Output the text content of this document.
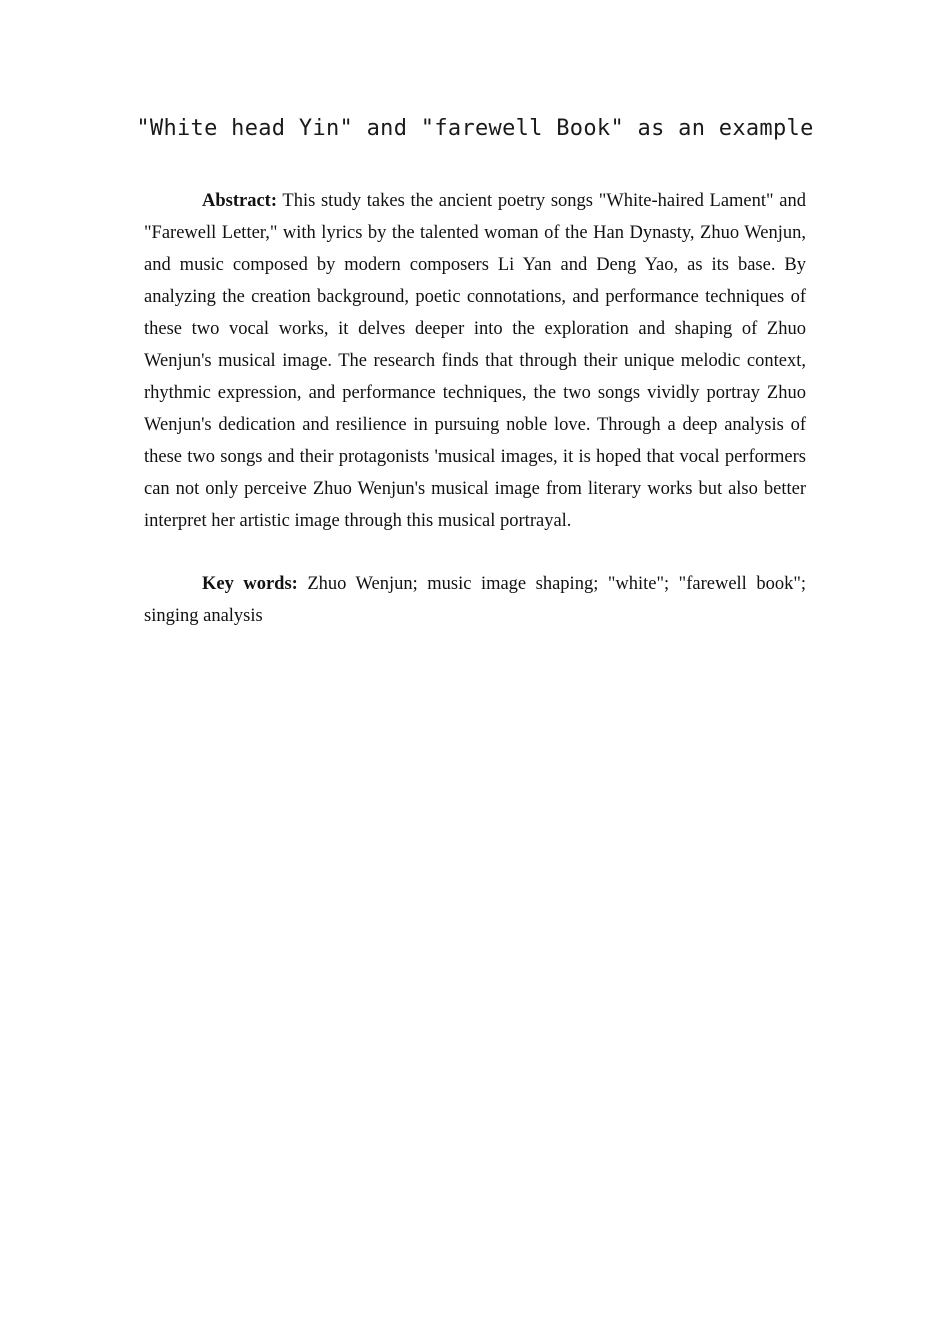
"White head Yin" and "farewell Book" as an example

Abstract: This study takes the ancient poetry songs "White-haired Lament" and "Farewell Letter," with lyrics by the talented woman of the Han Dynasty, Zhuo Wenjun, and music composed by modern composers Li Yan and Deng Yao, as its base. By analyzing the creation background, poetic connotations, and performance techniques of these two vocal works, it delves deeper into the exploration and shaping of Zhuo Wenjun's musical image. The research finds that through their unique melodic context, rhythmic expression, and performance techniques, the two songs vividly portray Zhuo Wenjun's dedication and resilience in pursuing noble love. Through a deep analysis of these two songs and their protagonists 'musical images, it is hoped that vocal performers can not only perceive Zhuo Wenjun's musical image from literary works but also better interpret her artistic image through this musical portrayal.

Key words: Zhuo Wenjun; music image shaping; "white"; "farewell book"; singing analysis
